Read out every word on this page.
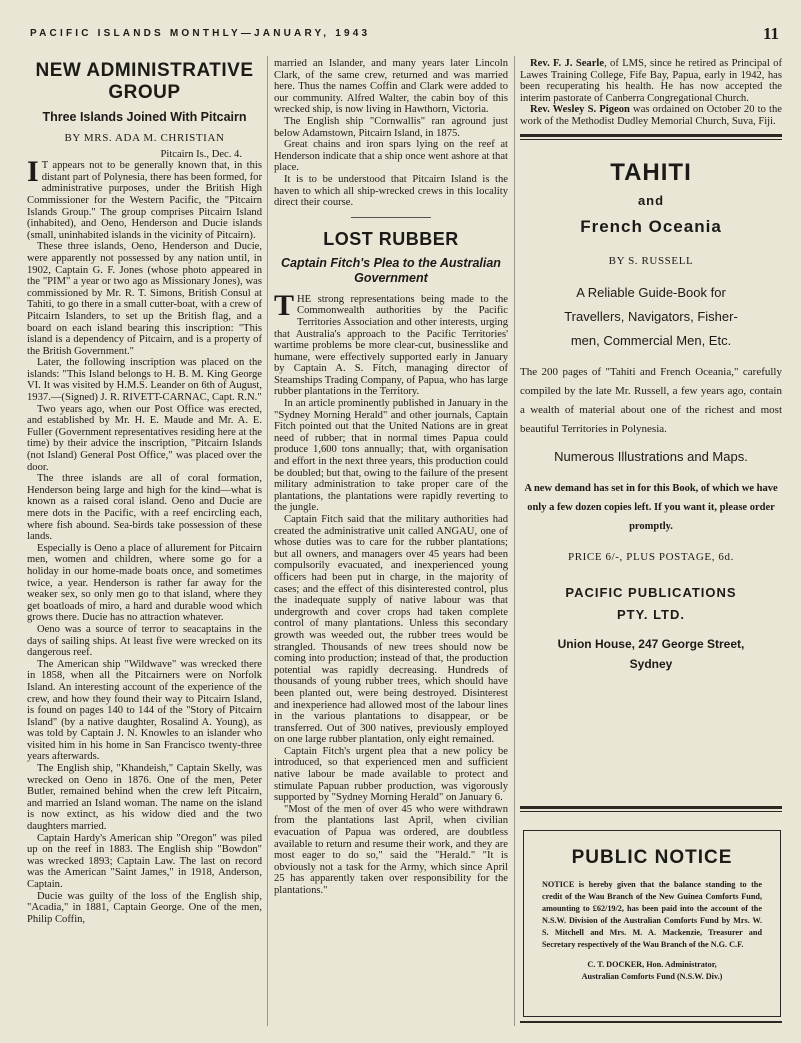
PACIFIC ISLANDS MONTHLY—JANUARY, 1943	11
NEW ADMINISTRATIVE GROUP
Three Islands Joined With Pitcairn
BY MRS. ADA M. CHRISTIAN
Pitcairn Is., Dec. 4.

I T appears not to be generally known that, in this distant part of Polynesia, there has been formed, for administrative purposes, under the British High Commissioner for the Western Pacific, the "Pitcairn Islands Group." The group comprises Pitcairn Island (inhabited), and Oeno, Henderson and Ducie islands (small, uninhabited islands in the vicinity of Pitcairn).

These three islands, Oeno, Henderson and Ducie, were apparently not possessed by any nation until, in 1902, Captain G. F. Jones (whose photo appeared in the "PIM" a year or two ago as Missionary Jones), was commissioned by Mr. R. T. Simons, British Consul at Tahiti, to go there in a small cutter-boat, with a crew of Pitcairn Islanders, to set up the British flag, and a board on each island bearing this inscription: "This island is a dependency of Pitcairn, and is a property of the British Government."

Later, the following inscription was placed on the islands: "This Island belongs to H. B. M. King George VI. It was visited by H.M.S. Leander on 6th of August, 1937.—(Signed) J. R. RIVETT-CARNAC, Capt. R.N."

Two years ago, when our Post Office was erected, and established by Mr. H. E. Maude and Mr. A. E. Fuller (Government representatives residing here at the time) by their advice the inscription, "Pitcairn Islands (not Island) General Post Office," was placed over the door.

The three islands are all of coral formation, Henderson being large and high for the kind—what is known as a raised coral island. Oeno and Ducie are mere dots in the Pacific, with a reef encircling each, where fish abound. Sea-birds take possession of these lands.

Especially is Oeno a place of allurement for Pitcairn men, women and children, where some go for a holiday in our home-made boats once, and sometimes twice, a year. Henderson is rather far away for the weaker sex, so only men go to that island, where they get boatloads of miro, a hard and durable wood which grows there. Ducie has no attraction whatever.

Oeno was a source of terror to seacaptains in the days of sailing ships. At least five were wrecked on its dangerous reef.

The American ship "Wildwave" was wrecked there in 1858, when all the Pitcairners were on Norfolk Island. An interesting account of the experience of the crew, and how they found their way to Pitcairn Island, is found on pages 140 to 144 of the "Story of Pitcairn Island" (by a native daughter, Rosalind A. Young), as was told by Captain J. N. Knowles to an islander who visited him in his home in San Francisco twenty-three years afterwards.

The English ship, "Khandeish," Captain Skelly, was wrecked on Oeno in 1876. One of the men, Peter Butler, remained behind when the crew left Pitcairn, and married an Island woman. The name on the island is now extinct, as his widow died and the two daughters married.

Captain Hardy's American ship "Oregon" was piled up on the reef in 1883. The English ship "Bowdon" was wrecked 1893; Captain Law. The last on record was the American "Saint James," in 1918, Anderson, Captain.

Ducie was guilty of the loss of the English ship, "Acadia," in 1881, Captain George. One of the men, Philip Coffin,

married an Islander, and many years later Lincoln Clark, of the same crew, returned and was married here. Thus the names Coffin and Clark were added to our community. Alfred Walter, the cabin boy of this wrecked ship, is now living in Hawthorn, Victoria.

The English ship "Cornwallis" ran aground just below Adamstown, Pitcairn Island, in 1875.

Great chains and iron spars lying on the reef at Henderson indicate that a ship once went ashore at that place.

It is to be understood that Pitcairn Island is the haven to which all ship-wrecked crews in this locality direct their course.

LOST RUBBER
Captain Fitch's Plea to the Australian Government

THE strong representations being made to the Commonwealth authorities by the Pacific Territories Association and other interests, urging that Australia's approach to the Pacific Territories' wartime problems be more clear-cut, businesslike and humane, were effectively supported early in January by Captain A. S. Fitch, managing director of Steamships Trading Company, of Papua, who has large rubber plantations in the Territory.

In an article prominently published in January in the "Sydney Morning Herald" and other journals, Captain Fitch pointed out that the United Nations are in great need of rubber; that in normal times Papua could produce 1,600 tons annually; that, with organisation and effort in the next three years, this production could be doubled; but that, owing to the failure of the present military administration to take proper care of the plantations, the plantations were rapidly reverting to the jungle.

Captain Fitch said that the military authorities had created the administrative unit called ANGAU, one of whose duties was to care for the rubber plantations; but all owners, and managers over 45 years had been compulsorily evacuated, and inexperienced young officers had been put in charge, in the majority of cases; and the effect of this disinterested control, plus the inadequate supply of native labour was that undergrowth and cover crops had taken complete control of many plantations. Unless this secondary growth was weeded out, the rubber trees would be strangled. Thousands of new trees should now be coming into production; instead of that, the production potential was rapidly decreasing. Hundreds of thousands of young rubber trees, which should have been planted out, were being destroyed. Disinterest and inexperience had allowed most of the labour lines in the various plantations to disappear, or be transferred. Out of 300 natives, previously employed on one large rubber plantation, only eight remained.

Captain Fitch's urgent plea that a new policy be introduced, so that experienced men and sufficient native labour be made available to protect and stimulate Papuan rubber production, was vigorously supported by "Sydney Morning Herald" on January 6.

"Most of the men of over 45 who were withdrawn from the plantations last April, when civilian evacuation of Papua was ordered, are doubtless available to return and resume their work, and they are most eager to do so," said the "Herald." "It is obviously not a task for the Army, which since April 25 has apparently taken over responsibility for the plantations."

Rev. F. J. Searle, of LMS, since he retired as Principal of Lawes Training College, Fife Bay, Papua, early in 1942, has been recuperating his health. He has now accepted the interim pastorate of Canberra Congregational Church.

Rev. Wesley S. Pigeon was ordained on October 20 to the work of the Methodist Dudley Memorial Church, Suva, Fiji.

TAHITI
and
French Oceania
BY S. RUSSELL
A Reliable Guide-Book for
Travellers, Navigators, Fisher-
men, Commercial Men, Etc.

The 200 pages of "Tahiti and French Oceania," carefully compiled by the late Mr. Russell, a few years ago, contain a wealth of material about one of the richest and most beautiful Territories in Polynesia.

Numerous Illustrations and Maps.

A new demand has set in for this Book, of which we have only a few dozen copies left. If you want it, please order promptly.

PRICE 6/-, PLUS POSTAGE, 6d.
PACIFIC PUBLICATIONS
PTY. LTD.
Union House, 247 George Street,
Sydney
PUBLIC NOTICE
NOTICE is hereby given that the balance standing to the credit of the Wau Branch of the New Guinea Comforts Fund, amounting to £62/19/2, has been paid into the account of the N.S.W. Division of the Australian Comforts Fund by Mrs. W. S. Mitchell and Mrs. M. A. Mackenzie, Treasurer and Secretary respectively of the Wau Branch of the N.G. C.F.
C. T. DOCKER, Hon. Administrator,
Australian Comforts Fund (N.S.W. Div.)
